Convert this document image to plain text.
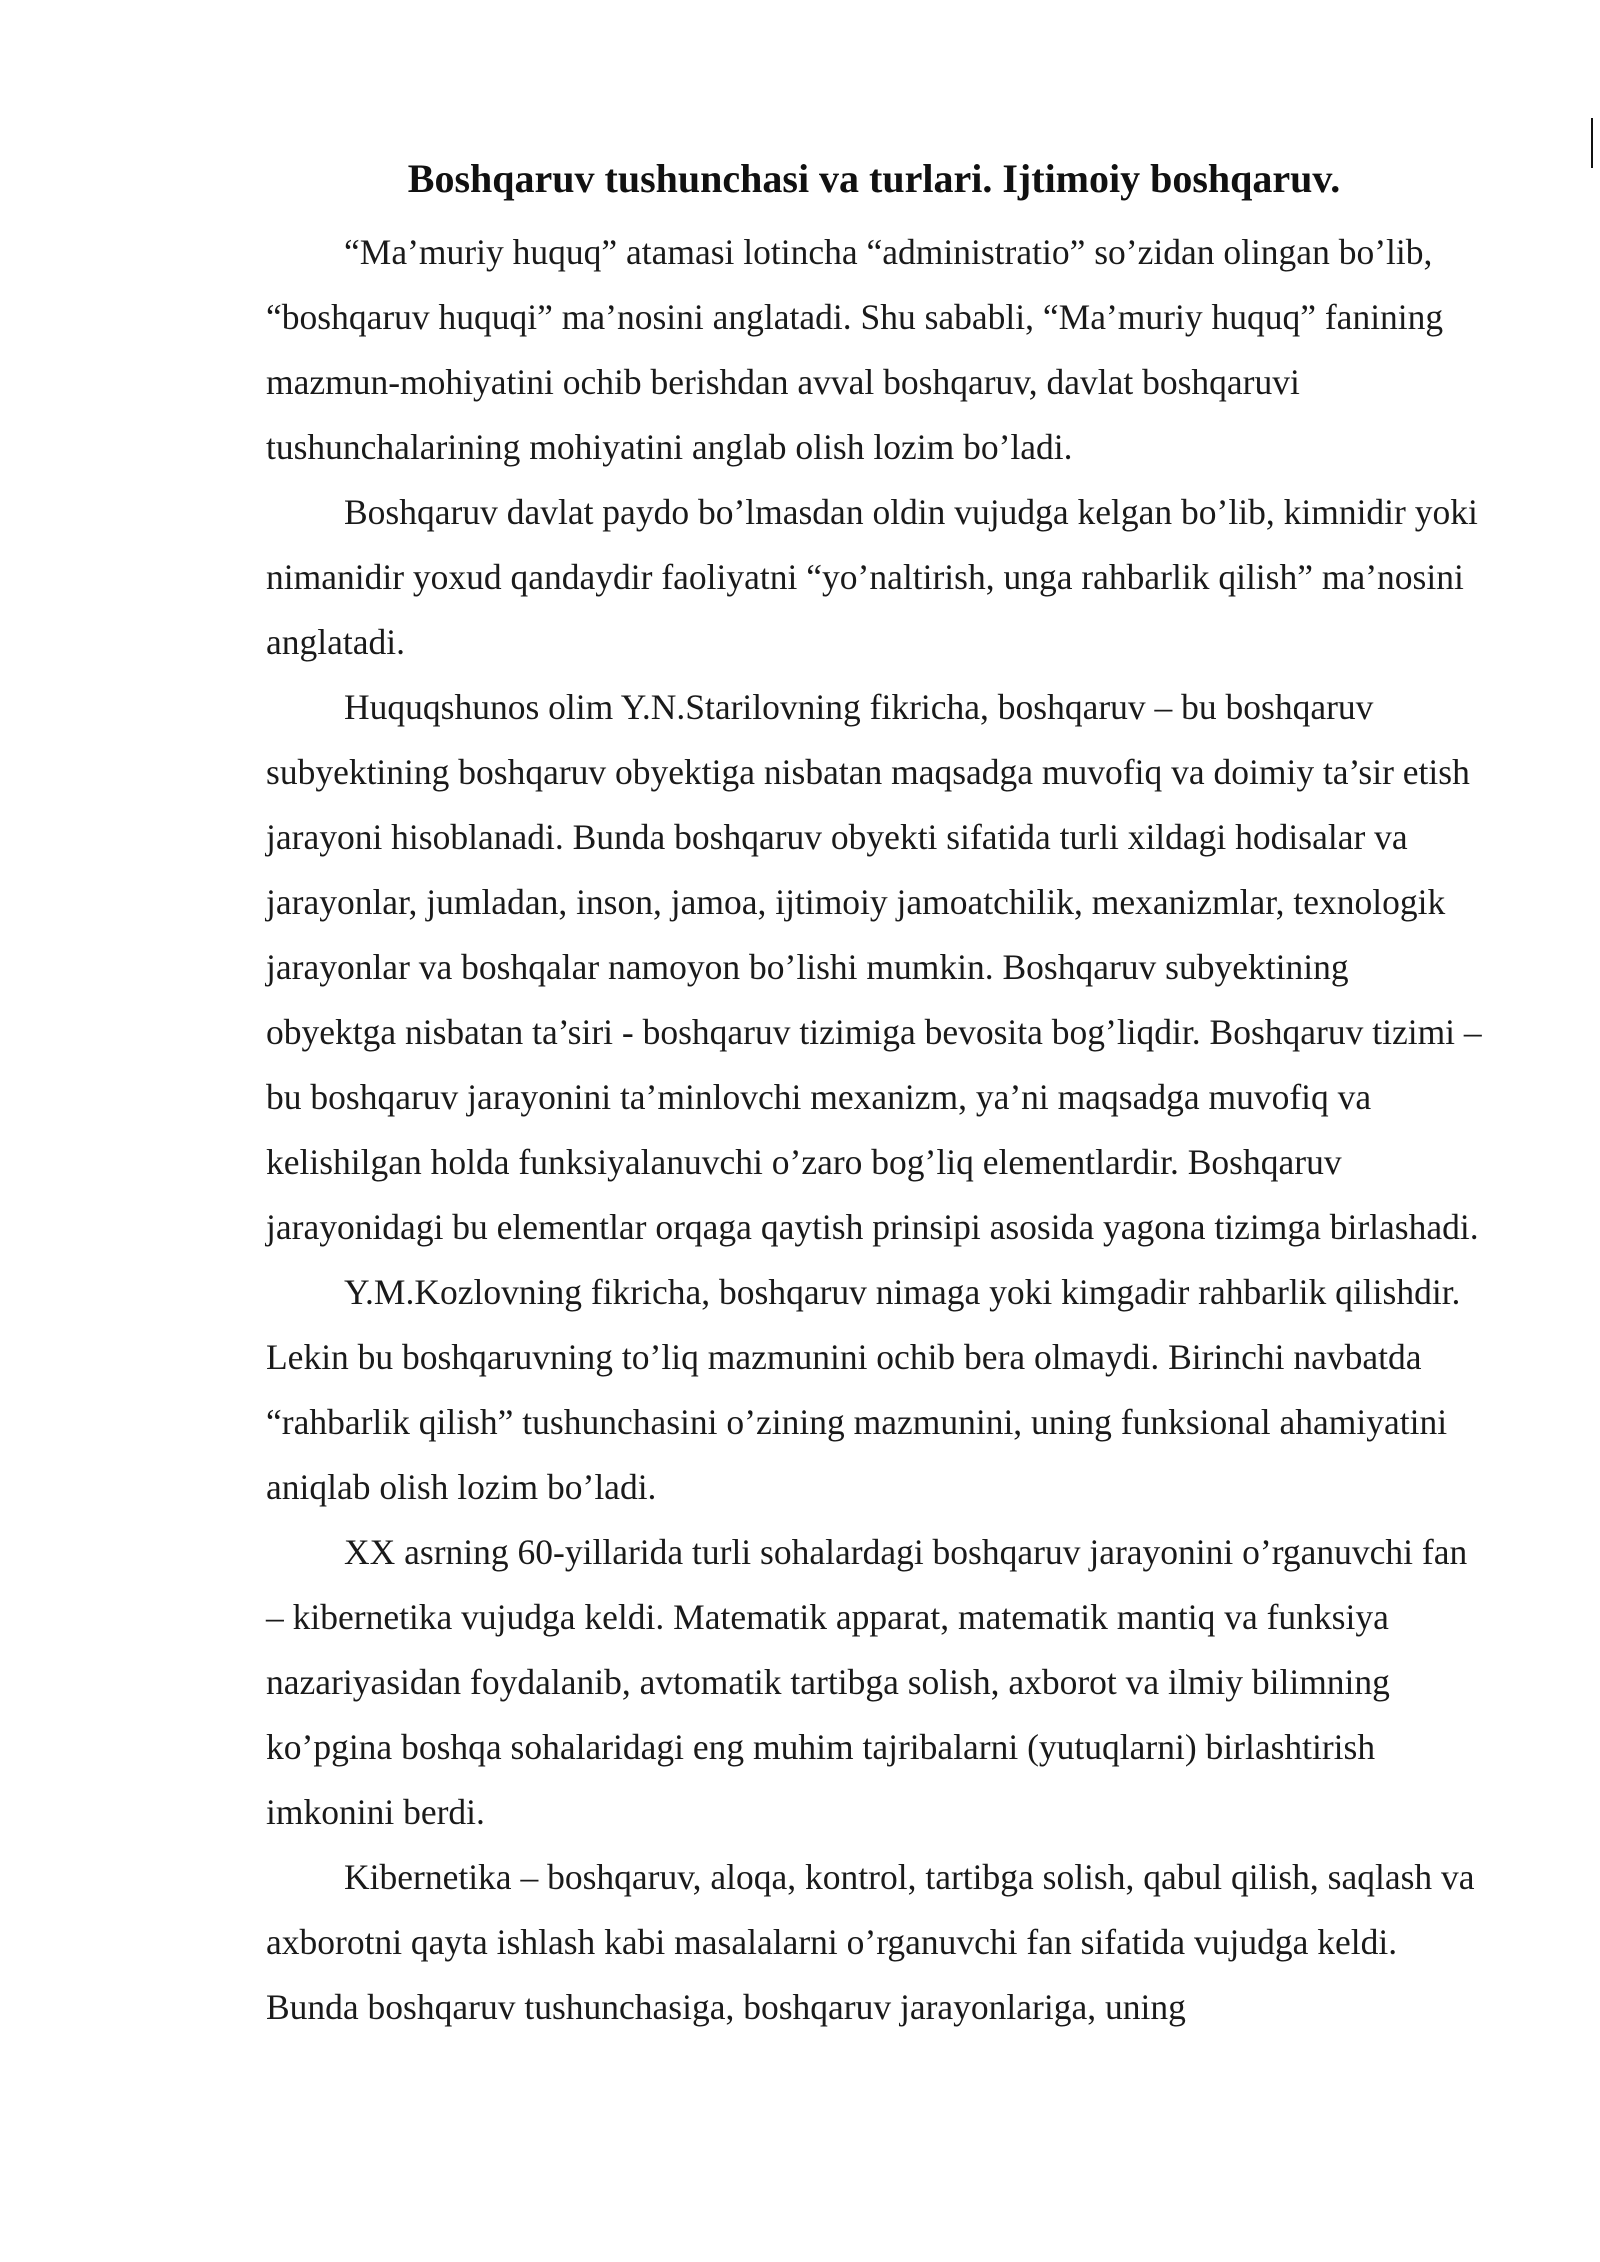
Boshqaruv tushunchasi va turlari. Ijtimoiy boshqaruv.

“Ma’muriy huquq” atamasi lotincha “administratio” so’zidan olingan bo’lib, “boshqaruv huquqi” ma’nosini anglatadi. Shu sababli, “Ma’muriy huquq” fanining mazmun-mohiyatini ochib berishdan avval boshqaruv, davlat boshqaruvi tushunchalarining mohiyatini anglab olish lozim bo’ladi.

Boshqaruv davlat paydo bo’lmasdan oldin vujudga kelgan bo’lib, kimnidir yoki nimanidir yoxud qandaydir faoliyatni “yo’naltirish, unga rahbarlik qilish” ma’nosini anglatadi.

Huquqshunos olim Y.N.Starilovning fikricha, boshqaruv – bu boshqaruv subyektining boshqaruv obyektiga nisbatan maqsadga muvofiq va doimiy ta’sir etish jarayoni hisoblanadi. Bunda boshqaruv obyekti sifatida turli xildagi hodisalar va jarayonlar, jumladan, inson, jamoa, ijtimoiy jamoatchilik, mexanizmlar, texnologik jarayonlar va boshqalar namoyon bo’lishi mumkin. Boshqaruv subyektining obyektga nisbatan ta’siri - boshqaruv tizimiga bevosita bog’liqdir. Boshqaruv tizimi – bu boshqaruv jarayonini ta’minlovchi mexanizm, ya’ni maqsadga muvofiq va kelishilgan holda funksiyalanuvchi o’zaro bog’liq elementlardir. Boshqaruv jarayonidagi bu elementlar orqaga qaytish prinsipi asosida yagona tizimga birlashadi.

Y.M.Kozlovning fikricha, boshqaruv nimaga yoki kimgadir rahbarlik qilishdir. Lekin bu boshqaruvning to’liq mazmunini ochib bera olmaydi. Birinchi navbatda “rahbarlik qilish” tushunchasini o’zining mazmunini, uning funksional ahamiyatini aniqlab olish lozim bo’ladi.

XX asrning 60-yillarida turli sohalardagi boshqaruv jarayonini o’rganuvchi fan – kibernetika vujudga keldi. Matematik apparat, matematik mantiq va funksiya nazariyasidan foydalanib, avtomatik tartibga solish, axborot va ilmiy bilimning ko’pgina boshqa sohalaridagi eng muhim tajribalarni (yutuqlarni) birlashtirish imkonini berdi.

Kibernetika – boshqaruv, aloqa, kontrol, tartibga solish, qabul qilish, saqlash va axborotni qayta ishlash kabi masalalarni o’rganuvchi fan sifatida vujudga keldi. Bunda boshqaruv tushunchasiga, boshqaruv jarayonlariga, uning
